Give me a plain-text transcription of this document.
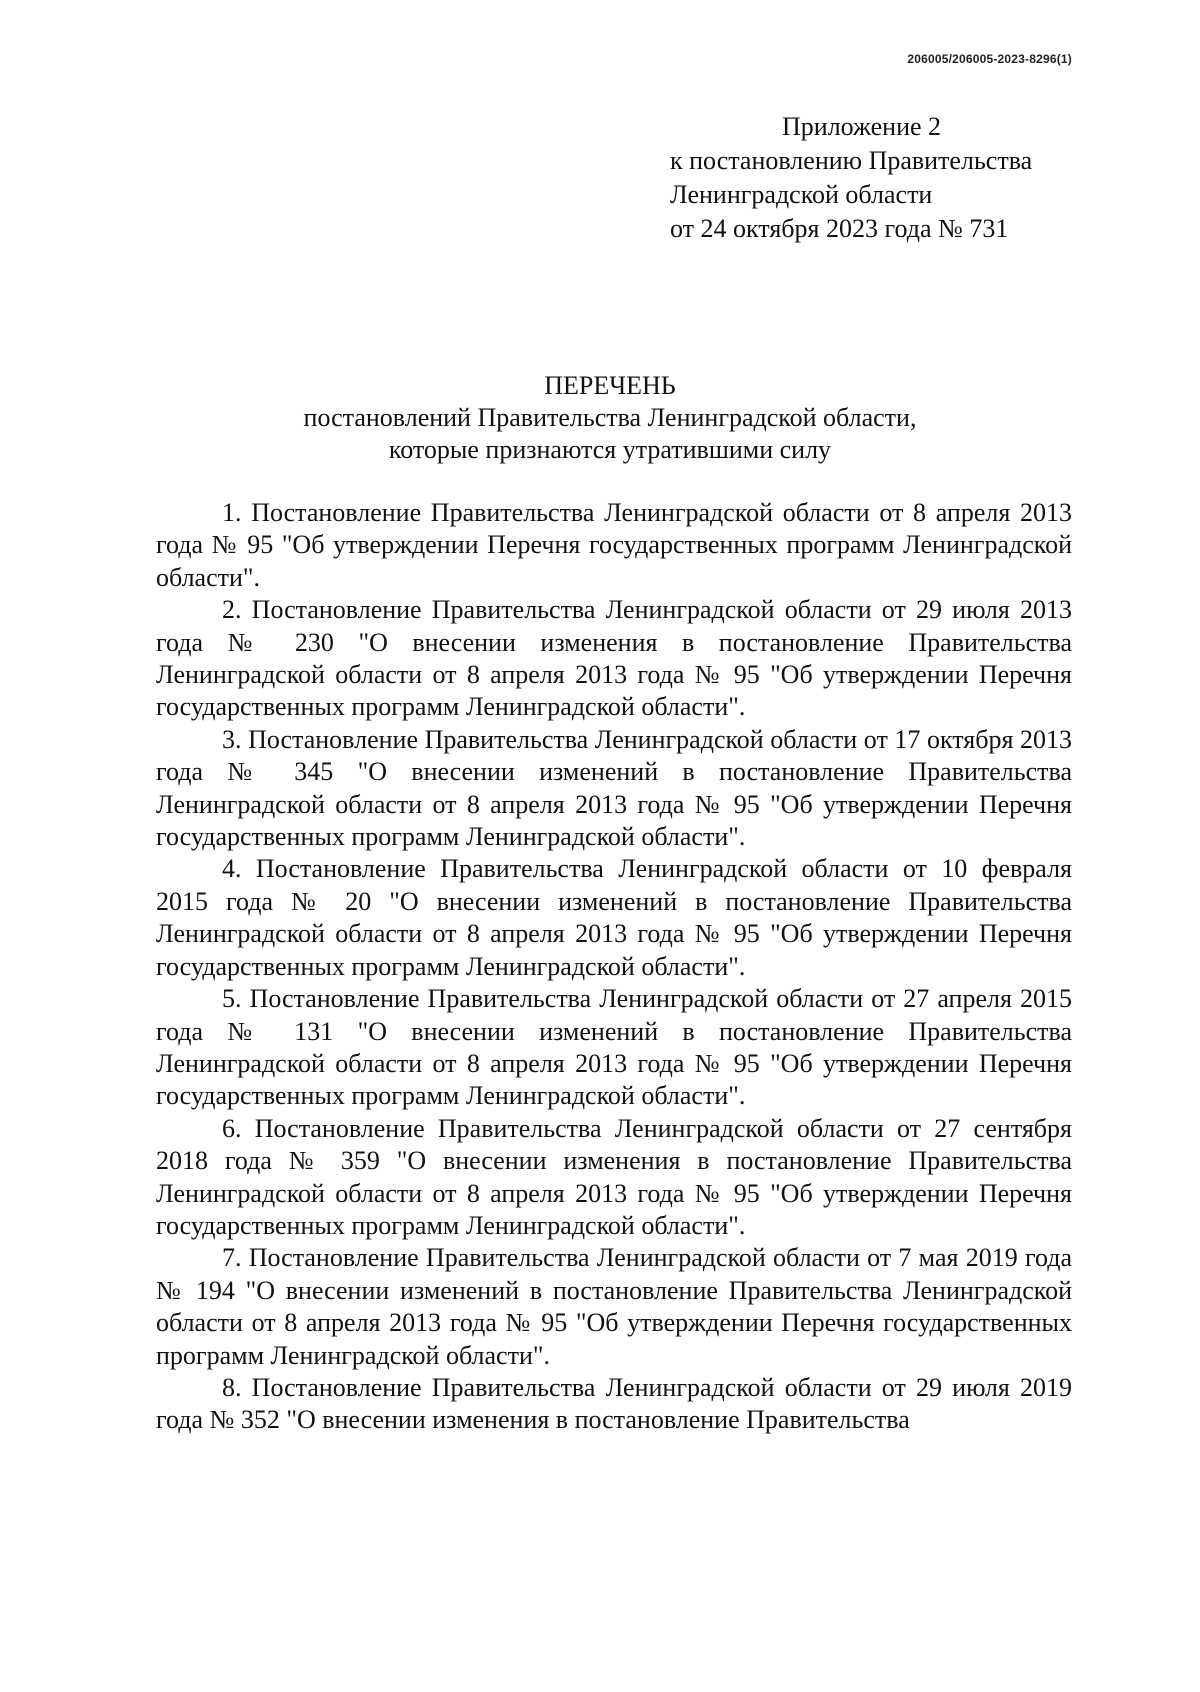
206005/206005-2023-8296(1)
Приложение 2
к постановлению Правительства
Ленинградской области
от 24 октября 2023 года № 731
ПЕРЕЧЕНЬ
постановлений Правительства Ленинградской области,
которые признаются утратившими силу

1. Постановление Правительства Ленинградской области от 8 апреля 2013 года № 95 "Об утверждении Перечня государственных программ Ленинградской области".

2. Постановление Правительства Ленинградской области от 29 июля 2013 года № 230 "О внесении изменения в постановление Правительства Ленинградской области от 8 апреля 2013 года № 95 "Об утверждении Перечня государственных программ Ленинградской области".

3. Постановление Правительства Ленинградской области от 17 октября 2013 года № 345 "О внесении изменений в постановление Правительства Ленинградской области от 8 апреля 2013 года № 95 "Об утверждении Перечня государственных программ Ленинградской области".

4. Постановление Правительства Ленинградской области от 10 февраля 2015 года № 20 "О внесении изменений в постановление Правительства Ленинградской области от 8 апреля 2013 года № 95 "Об утверждении Перечня государственных программ Ленинградской области".

5. Постановление Правительства Ленинградской области от 27 апреля 2015 года № 131 "О внесении изменений в постановление Правительства Ленинградской области от 8 апреля 2013 года № 95 "Об утверждении Перечня государственных программ Ленинградской области".

6. Постановление Правительства Ленинградской области от 27 сентября 2018 года № 359 "О внесении изменения в постановление Правительства Ленинградской области от 8 апреля 2013 года № 95 "Об утверждении Перечня государственных программ Ленинградской области".

7. Постановление Правительства Ленинградской области от 7 мая 2019 года № 194 "О внесении изменений в постановление Правительства Ленинградской области от 8 апреля 2013 года № 95 "Об утверждении Перечня государственных программ Ленинградской области".

8. Постановление Правительства Ленинградской области от 29 июля 2019 года № 352 "О внесении изменения в постановление Правительства
